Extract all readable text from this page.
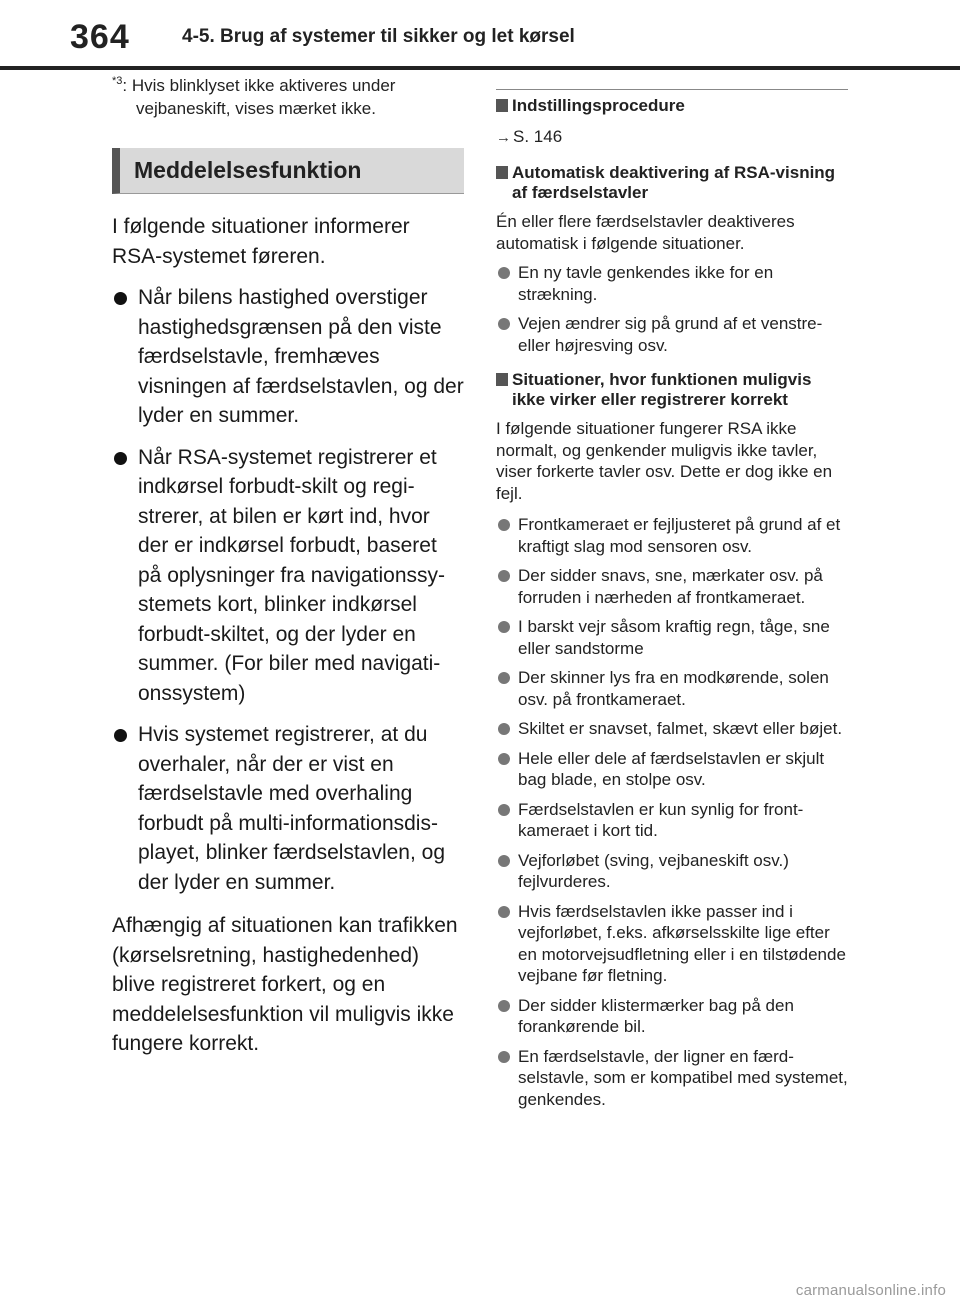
364	4-5. Brug af systemer til sikker og let kørsel
$^{*3}$: Hvis blinklyset ikke aktiveres under vejbaneskift, vises mærket ikke.
Meddelelsesfunktion

I følgende situationer informerer RSA-systemet føreren.

Når bilens hastighed overstiger hastighedsgrænsen på den viste færdselstavle, fremhæves visningen af færdselstavlen, og der lyder en summer.
Når RSA-systemet registrerer et indkørsel forbudt-skilt og registrerer, at bilen er kørt ind, hvor der er indkørsel forbudt, baseret på oplysninger fra navigationssystemets kort, blinker indkørsel forbudt-skiltet, og der lyder en summer. (For biler med navigationssystem)
Hvis systemet registrerer, at du overhaler, når der er vist en færdselstavle med overhaling forbudt på multi-informationsdisplayet, blinker færdselstavlen, og der lyder en summer.

Afhængig af situationen kan trafikken (kørselsretning, hastighedenhed) blive registreret forkert, og en meddelelsesfunktion vil muligvis ikke fungere korrekt.

Indstillingsprocedure
→ S. 146
Automatisk deaktivering af RSA-visning af færdselstavler
Én eller flere færdselstavler deaktiveres automatisk i følgende situationer.
En ny tavle genkendes ikke for en strækning.
Vejen ændrer sig på grund af et venstre- eller højresving osv.
Situationer, hvor funktionen muligvis ikke virker eller registrerer korrekt
I følgende situationer fungerer RSA ikke normalt, og genkender muligvis ikke tavler, viser forkerte tavler osv. Dette er dog ikke en fejl.
Frontkameraet er fejljusteret på grund af et kraftigt slag mod sensoren osv.
Der sidder snavs, sne, mærkater osv. på forruden i nærheden af frontkameraet.
I barskt vejr såsom kraftig regn, tåge, sne eller sandstorme
Der skinner lys fra en modkørende, solen osv. på frontkameraet.
Skiltet er snavset, falmet, skævt eller bøjet.
Hele eller dele af færdselstavlen er skjult bag blade, en stolpe osv.
Færdselstavlen er kun synlig for frontkameraet i kort tid.
Vejforløbet (sving, vejbaneskift osv.) fejlvurderes.
Hvis færdselstavlen ikke passer ind i vejforløbet, f.eks. afkørselsskilte lige efter en motorvejsudfletning eller i en tilstødende vejbane før fletning.
Der sidder klistermærker bag på den forankørende bil.
En færdselstavle, der ligner en færdselstavle, som er kompatibel med systemet, genkendes.
carmanualsonline.info
